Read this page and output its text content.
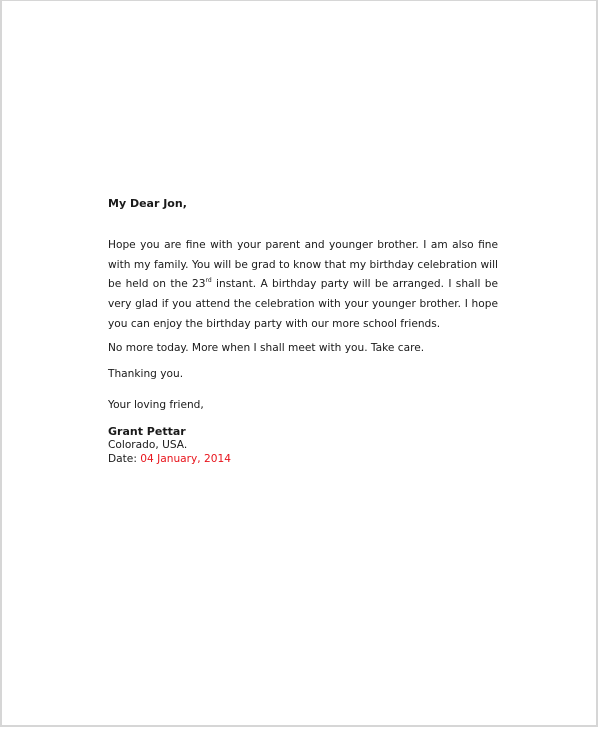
My Dear Jon,

Hope you are fine with your parent and younger brother. I am also fine with my family. You will be grad to know that my birthday celebration will be held on the 23rd instant. A birthday party will be arranged. I shall be very glad if you attend the celebration with your younger brother. I hope you can enjoy the birthday party with our more school friends.

No more today. More when I shall meet with you. Take care.

Thanking you.

Your loving friend,

Grant Pettar
Colorado, USA.
Date: 04 January, 2014
